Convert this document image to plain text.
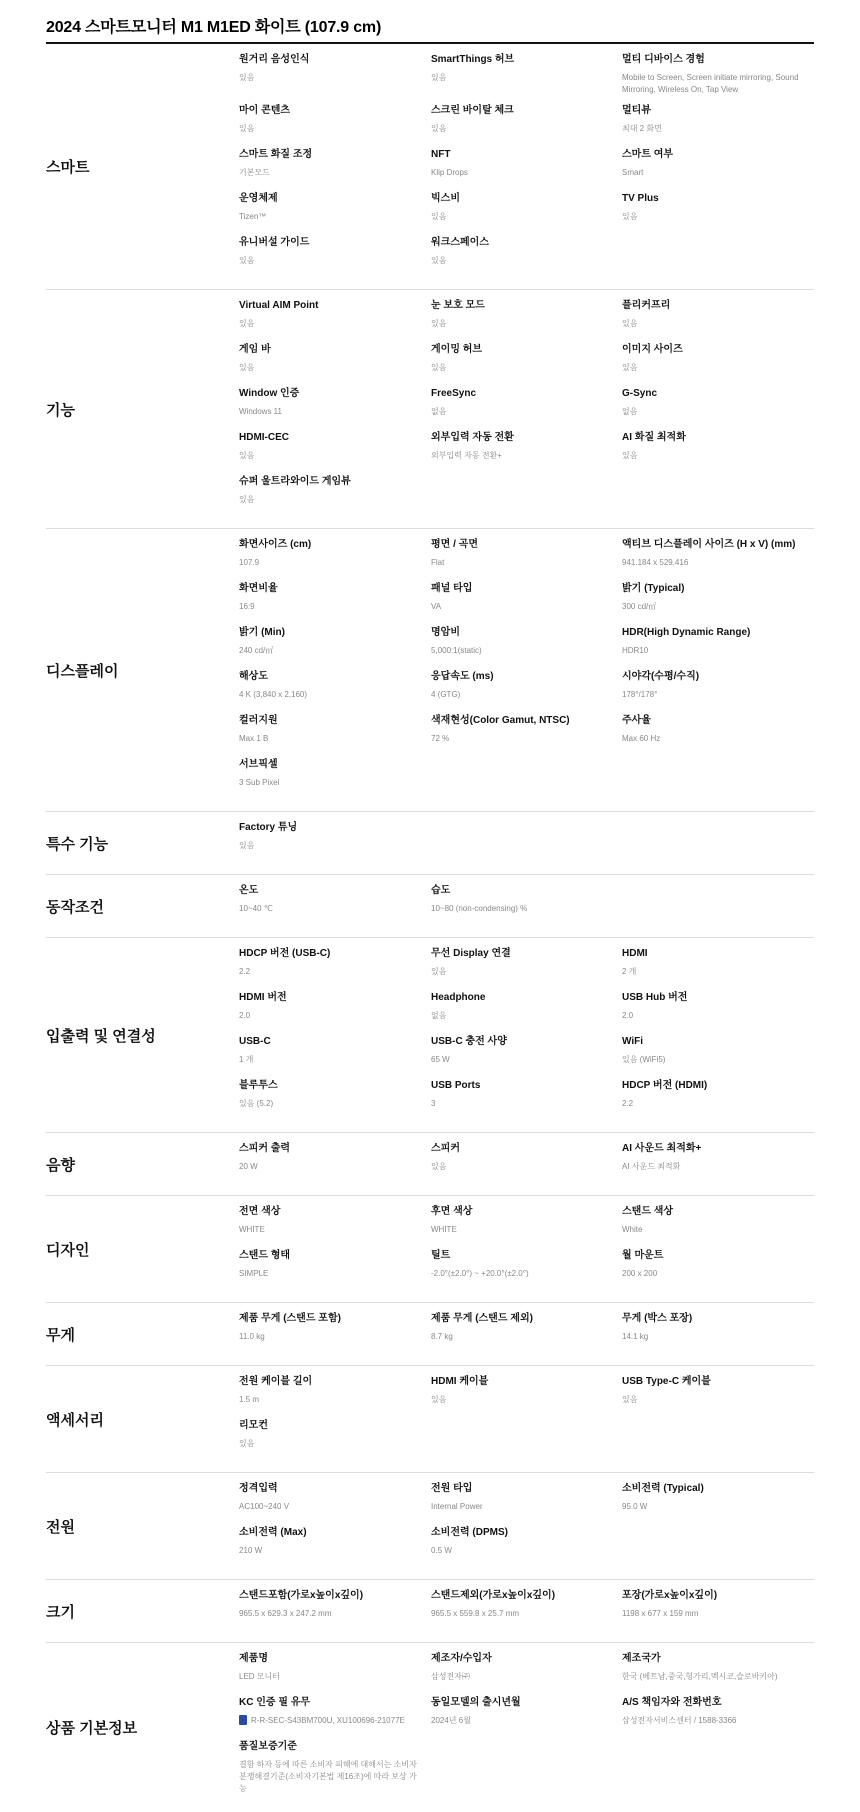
2024 스마트모니터 M1 M1ED 화이트 (107.9 cm)
스마트
원거리 음성인식
있음
SmartThings 허브
있음
멀티 디바이스 경험
Mobile to Screen, Screen initiate mirroring, Sound Mirroring, Wireless On, Tap View
마이 콘텐츠
있음
스크린 바이탈 체크
있음
멀티뷰
최대 2 화면
스마트 화질 조정
기본모드
NFT
Klip Drops
스마트 여부
Smart
운영체제
Tizen™
빅스비
있음
TV Plus
있음
유니버설 가이드
있음
워크스페이스
있음
기능
Virtual AIM Point
있음
눈 보호 모드
있음
플리커프리
있음
게임 바
있음
게이밍 허브
있음
이미지 사이즈
있음
Window 인증
Windows 11
FreeSync
없음
G-Sync
없음
HDMI-CEC
있음
외부입력 자동 전환
외부입력 자동 전환+
AI 화질 최적화
있음
슈퍼 울트라와이드 게임뷰
있음
디스플레이
화면사이즈 (cm)
107.9
평면 / 곡면
Flat
액티브 디스플레이 사이즈 (H x V) (mm)
941.184 x 529.416
화면비율
16:9
패널 타입
VA
밝기 (Typical)
300 cd/㎡
밝기 (Min)
240 cd/㎡
명암비
5,000:1(static)
HDR(High Dynamic Range)
HDR10
해상도
4 K (3,840 x 2,160)
응답속도 (ms)
4 (GTG)
시야각(수평/수직)
178°/178°
컬러지원
Max 1 B
색재현성(Color Gamut, NTSC)
72 %
주사율
Max 60 Hz
서브픽셀
3 Sub Pixel
특수 기능
Factory 튜닝
있음
동작조건
온도
10~40 ℃
습도
10~80 (non-condensing) %
입출력 및 연결성
HDCP 버전 (USB-C)
2.2
무선 Display 연결
있음
HDMI
2 개
HDMI 버전
2.0
Headphone
없음
USB Hub 버전
2.0
USB-C
1 개
USB-C 충전 사양
65 W
WiFi
있음 (WiFi5)
블루투스
있음 (5.2)
USB Ports
3
HDCP 버전 (HDMI)
2.2
음향
스피커 출력
20 W
스피커
있음
AI 사운드 최적화+
AI 사운드 최적화
디자인
전면 색상
WHITE
후면 색상
WHITE
스탠드 색상
White
스탠드 형태
SIMPLE
틸트
-2.0°(±2.0°) ~ +20.0°(±2.0°)
월 마운트
200 x 200
무게
제품 무게 (스탠드 포함)
11.0 kg
제품 무게 (스탠드 제외)
8.7 kg
무게 (박스 포장)
14.1 kg
액세서리
전원 케이블 길이
1.5 m
HDMI 케이블
있음
USB Type-C 케이블
있음
리모컨
있음
전원
정격입력
AC100~240 V
전원 타입
Internal Power
소비전력 (Typical)
95.0 W
소비전력 (Max)
210 W
소비전력 (DPMS)
0.5 W
크기
스탠드포함(가로x높이x깊이)
965.5 x 629.3 x 247.2 mm
스탠드제외(가로x높이x깊이)
965.5 x 559.8 x 25.7 mm
포장(가로x높이x깊이)
1198 x 677 x 159 mm
상품 기본정보
제품명
LED 모니터
제조자/수입자
삼성전자㈜
제조국가
한국 (베트남,중국,헝가리,멕시코,슬로바키아)
KC 인증 필 유무
R-R-SEC-S43BM700U, XU100696-21077E
동일모델의 출시년월
2024년 6월
A/S 책임자와 전화번호
삼성전자서비스센터 / 1588-3366
품질보증기준
결함 하자 등에 따른 소비자 피해에 대해서는 소비자분쟁해결기준(소비자기본법 제16조)에 따라 보상 가능
